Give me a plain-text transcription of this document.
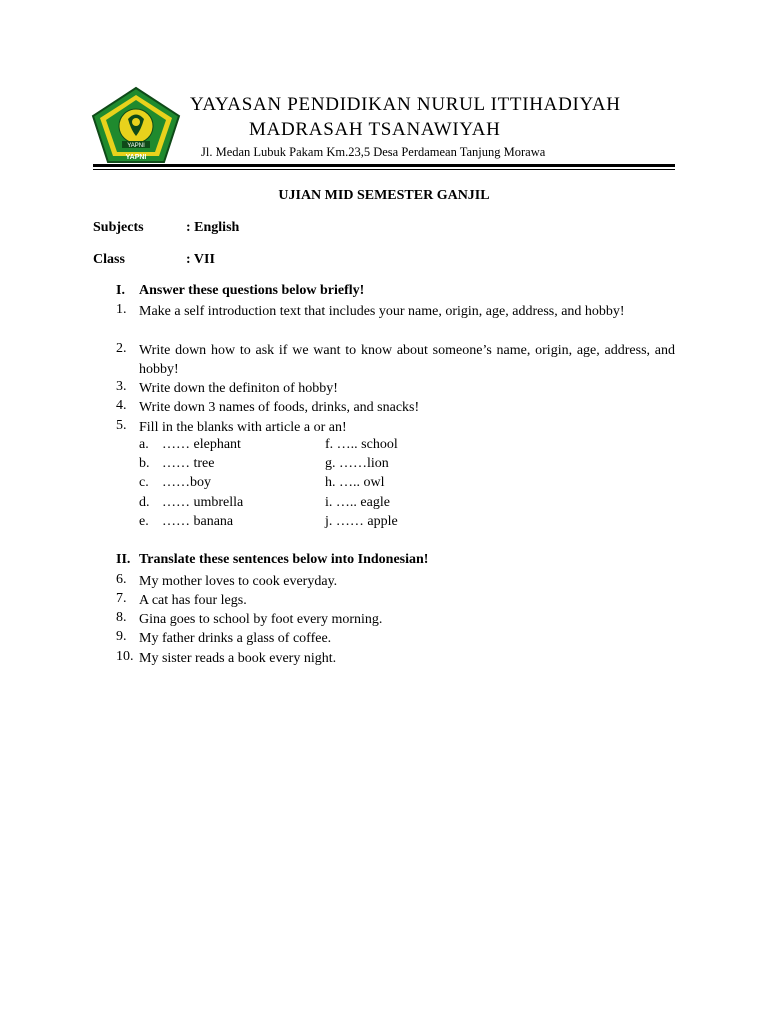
YAPNI
YAPNI
YAYASAN PENDIDIKAN NURUL ITTIHADIYAH
MADRASAH TSANAWIYAH
Jl. Medan Lubuk Pakam Km.23,5 Desa Perdamean Tanjung Morawa
UJIAN MID SEMESTER GANJIL
Subjects	: English
Class	: VII
I. Answer these questions below briefly!
1. Make a self introduction text that includes your name, origin, age, address, and hobby!
2. Write down how to ask if we want to know about someone’s name, origin, age, address, and hobby!
3. Write down the definiton of hobby!
4. Write down 3 names of foods, drinks, and snacks!
5. Fill in the blanks with article a or an!
a. …… elephant
b. …… tree
c. ……boy
d. …… umbrella
e. …… banana
f. ….. school
g. ……lion
h. ….. owl
i. ….. eagle
j. …… apple
II. Translate these sentences below into Indonesian!
6. My mother loves to cook everyday.
7. A cat has four legs.
8. Gina goes to school by foot every morning.
9. My father drinks a glass of coffee.
10. My sister reads a book every night.
